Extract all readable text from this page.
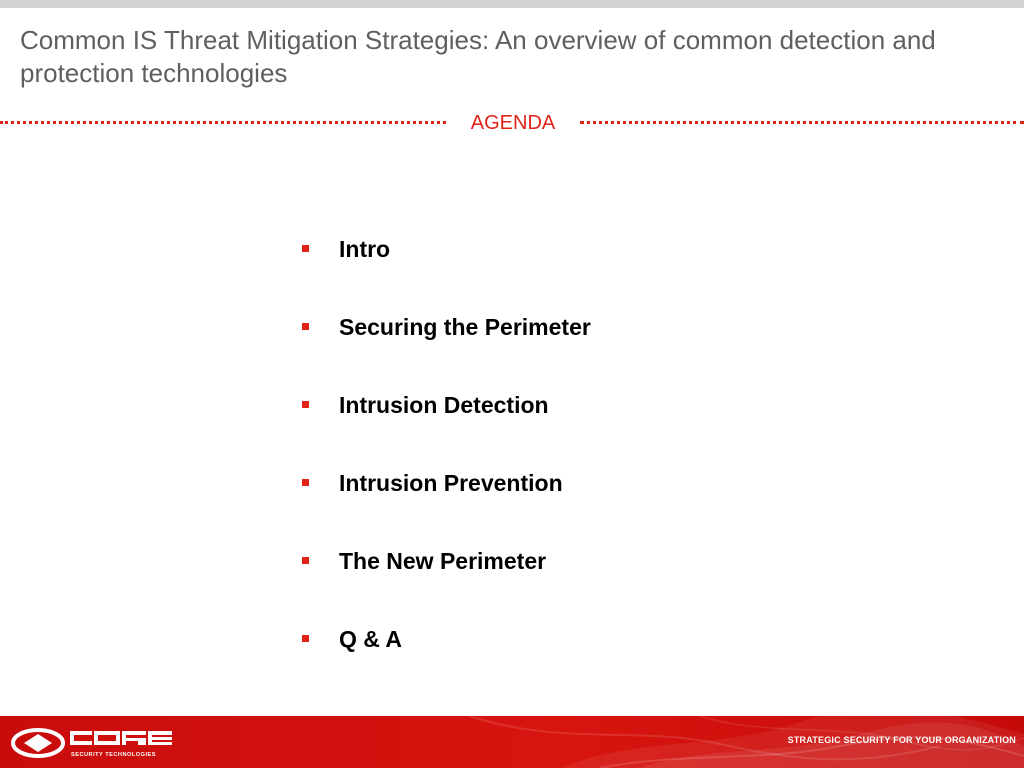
Common IS Threat Mitigation Strategies: An overview of common detection and protection technologies
AGENDA
Intro
Securing the Perimeter
Intrusion Detection
Intrusion Prevention
The New Perimeter
Q & A
SECURITY TECHNOLOGIES
STRATEGIC SECURITY FOR YOUR ORGANIZATION
